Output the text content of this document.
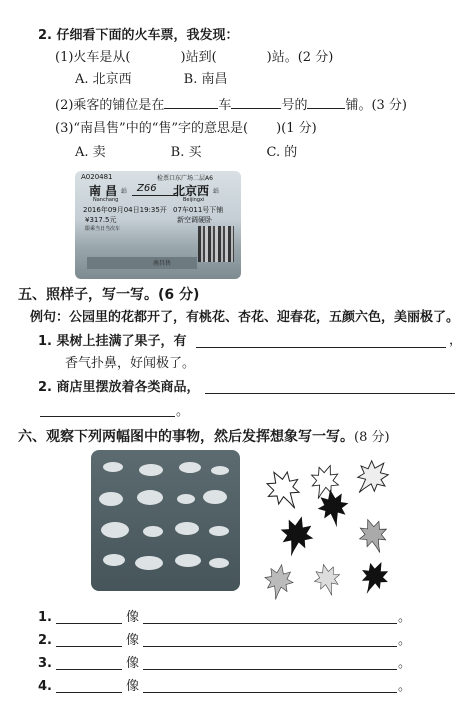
2. 仔细看下面的火车票，我发现：
(1)火车是从(	)站到(	)站。(2 分)
A. 北京西　　　　B. 南昌
(2)乘客的铺位是在	车	号的	铺。(3 分)
(3)“南昌售”中的“售”字的意思是( )(1 分)
A. 卖　　　　　B. 买　　　　　C. 的
A020481	检票口东广场二层A6
南 昌 站
Nanchang
Z66 北京西 站
Beijingxi
2016年09月04日19:35开 07车011号下铺
¥317.5元	新空调硬卧
限乘当日当次车
南昌售
五、照样子，写一写。(6 分)
例句：公园里的花都开了，有桃花、杏花、迎春花，五颜六色，美丽极了。
1. 果树上挂满了果子，有	，
香气扑鼻，好闻极了。
2. 商店里摆放着各类商品，
。
六、观察下列两幅图中的事物，然后发挥想象写一写。(8 分)
1.	像	。
2.	像	。
3.	像	。
4.	像	。
